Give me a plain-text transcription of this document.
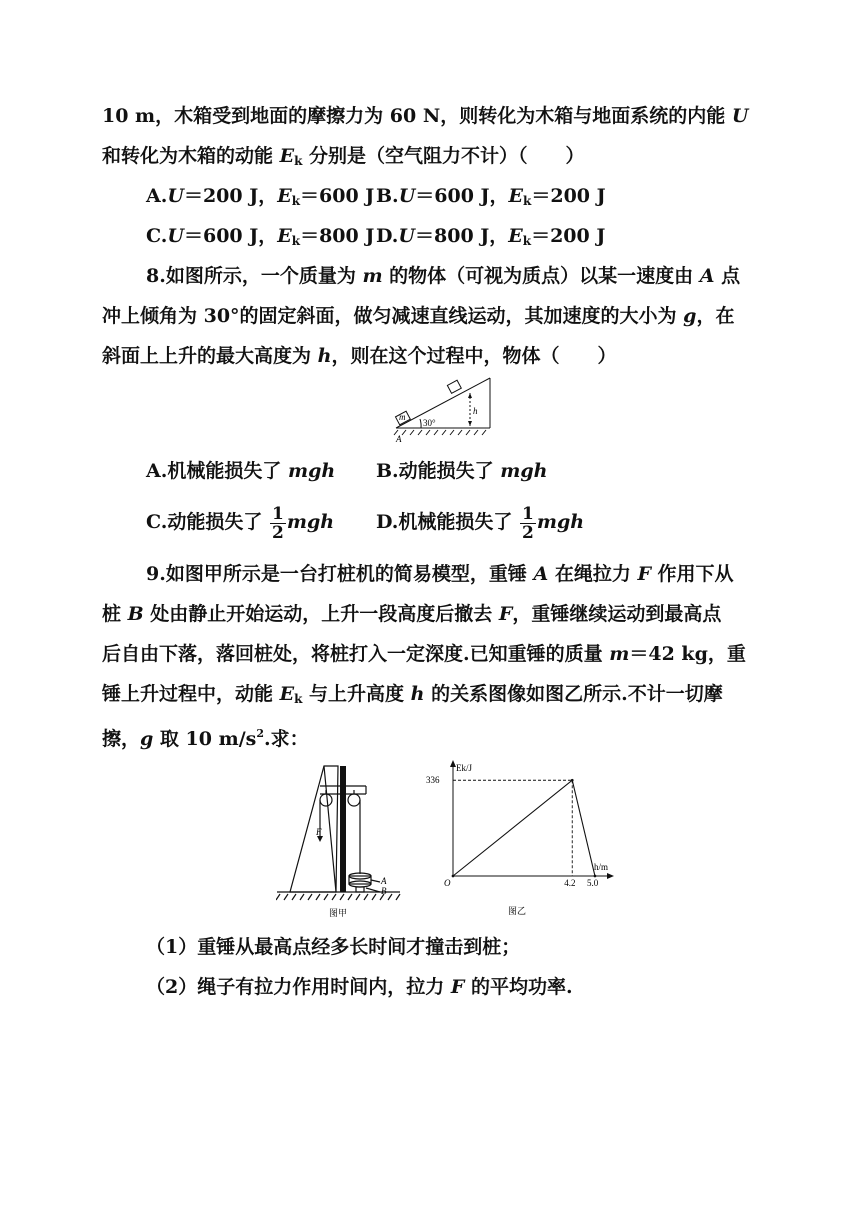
10 m，木箱受到地面的摩擦力为 60 N，则转化为木箱与地面系统的内能 U
和转化为木箱的动能 $E_k$ 分别是（空气阻力不计）（　　）
A.U＝200 J，$E_k=600$ J B.U＝600 J，$E_k=200$ J
C.U＝600 J，$E_k=800$ J D.U＝800 J，$E_k=200$ J
8.如图所示，一个质量为 m 的物体（可视为质点）以某一速度由 A 点
冲上倾角为 30°的固定斜面，做匀减速直线运动，其加速度的大小为 g，在
斜面上上升的最大高度为 h，则在这个过程中，物体（　　）
m
h
30°
A
A.机械能损失了 mgh B.动能损失了 mgh
C.动能损失了 $\frac{1}{2}$ mgh D.机械能损失了 $\frac{1}{2}$ mgh
9.如图甲所示是一台打桩机的简易模型，重锤 A 在绳拉力 F 作用下从
桩 B 处由静止开始运动，上升一段高度后撤去 F，重锤继续运动到最高点
后自由下落，落回桩处，将桩打入一定深度.已知重锤的质量 m＝42 kg，重
锤上升过程中，动能 $E_k$ 与上升高度 h 的关系图像如图乙所示.不计一切摩
擦，g 取 10 $m/s^2$.求：
F
A
B
图甲
4.2 5.0
336
Ek/J
h/m
O
图乙
（1）重锤从最高点经多长时间才撞击到桩；
（2）绳子有拉力作用时间内，拉力 F 的平均功率.
